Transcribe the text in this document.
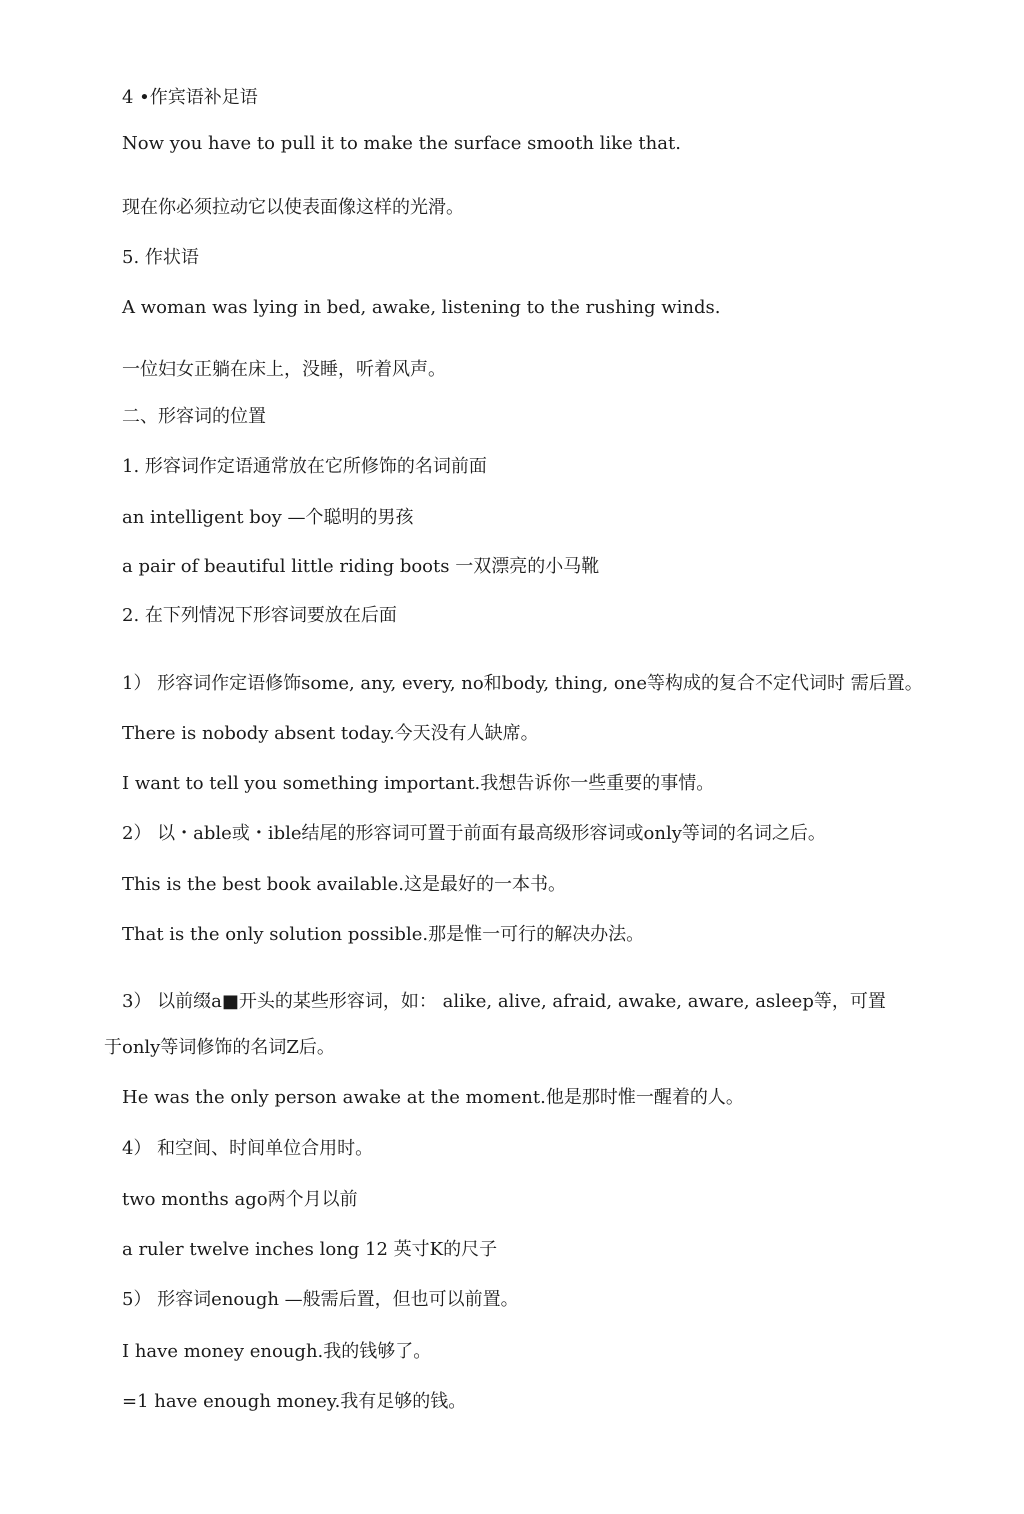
4 •作宾语补足语
Now you have to pull it to make the surface smooth like that.
现在你必须拉动它以使表面像这样的光滑。
5. 作状语
A woman was lying in bed, awake, listening to the rushing winds.
一位妇女正躺在床上，没睡，听着风声。
二、形容词的位置
1. 形容词作定语通常放在它所修饰的名词前面
an intelligent boy —个聪明的男孩
a pair of beautiful little riding boots 一双漂亮的小马靴
2. 在下列情况下形容词要放在后面
1） 形容词作定语修饰some, any, every, no和body, thing, one等构成的复合不定代词时 需后置。
There is nobody absent today.今天没有人缺席。
I want to tell you something important.我想告诉你一些重要的事情。
2） 以・able或・ible结尾的形容词可置于前面有最高级形容词或only等词的名词之后。
This is the best book available.这是最好的一本书。
That is the only solution possible.那是惟一可行的解决办法。
3） 以前缀a■开头的某些形容词，如： alike, alive, afraid, awake, aware, asleep等，可置
于only等词修饰的名词Z后。
He was the only person awake at the moment.他是那时惟一醒着的人。
4） 和空间、时间单位合用时。
two months ago两个月以前
a ruler twelve inches long 12 英寸K的尺子
5） 形容词enough —般需后置，但也可以前置。
I have money enough.我的钱够了。
=1 have enough money.我有足够的钱。
